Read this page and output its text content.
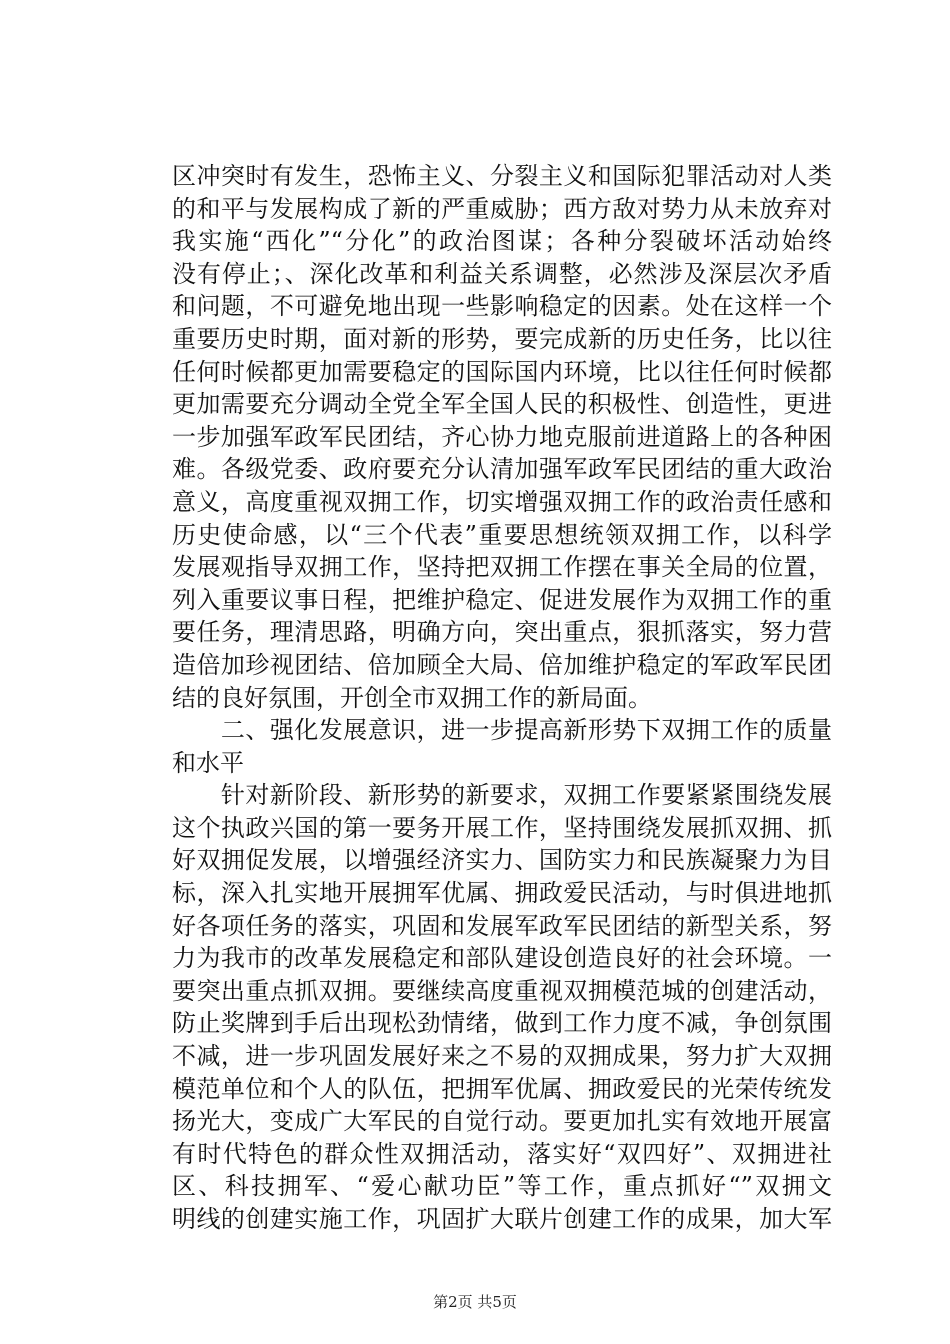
区冲突时有发生，恐怖主义、分裂主义和国际犯罪活动对人类
的和平与发展构成了新的严重威胁；西方敌对势力从未放弃对
我实施“西化”“分化”的政治图谋；各种分裂破坏活动始终
没有停止；、深化改革和利益关系调整，必然涉及深层次矛盾
和问题，不可避免地出现一些影响稳定的因素。处在这样一个
重要历史时期，面对新的形势，要完成新的历史任务，比以往
任何时候都更加需要稳定的国际国内环境，比以往任何时候都
更加需要充分调动全党全军全国人民的积极性、创造性，更进
一步加强军政军民团结，齐心协力地克服前进道路上的各种困
难。各级党委、政府要充分认清加强军政军民团结的重大政治
意义，高度重视双拥工作，切实增强双拥工作的政治责任感和
历史使命感，以“三个代表”重要思想统领双拥工作，以科学
发展观指导双拥工作，坚持把双拥工作摆在事关全局的位置，
列入重要议事日程，把维护稳定、促进发展作为双拥工作的重
要任务，理清思路，明确方向，突出重点，狠抓落实，努力营
造倍加珍视团结、倍加顾全大局、倍加维护稳定的军政军民团
结的良好氛围，开创全市双拥工作的新局面。
　　二、强化发展意识，进一步提高新形势下双拥工作的质量
和水平
　　针对新阶段、新形势的新要求，双拥工作要紧紧围绕发展
这个执政兴国的第一要务开展工作，坚持围绕发展抓双拥、抓
好双拥促发展，以增强经济实力、国防实力和民族凝聚力为目
标，深入扎实地开展拥军优属、拥政爱民活动，与时俱进地抓
好各项任务的落实，巩固和发展军政军民团结的新型关系，努
力为我市的改革发展稳定和部队建设创造良好的社会环境。一
要突出重点抓双拥。要继续高度重视双拥模范城的创建活动，
防止奖牌到手后出现松劲情绪，做到工作力度不减，争创氛围
不减，进一步巩固发展好来之不易的双拥成果，努力扩大双拥
模范单位和个人的队伍，把拥军优属、拥政爱民的光荣传统发
扬光大，变成广大军民的自觉行动。要更加扎实有效地开展富
有时代特色的群众性双拥活动，落实好“双四好”、双拥进社
区、科技拥军、“爱心献功臣”等工作，重点抓好“”双拥文
明线的创建实施工作，巩固扩大联片创建工作的成果，加大军
第2页 共5页
